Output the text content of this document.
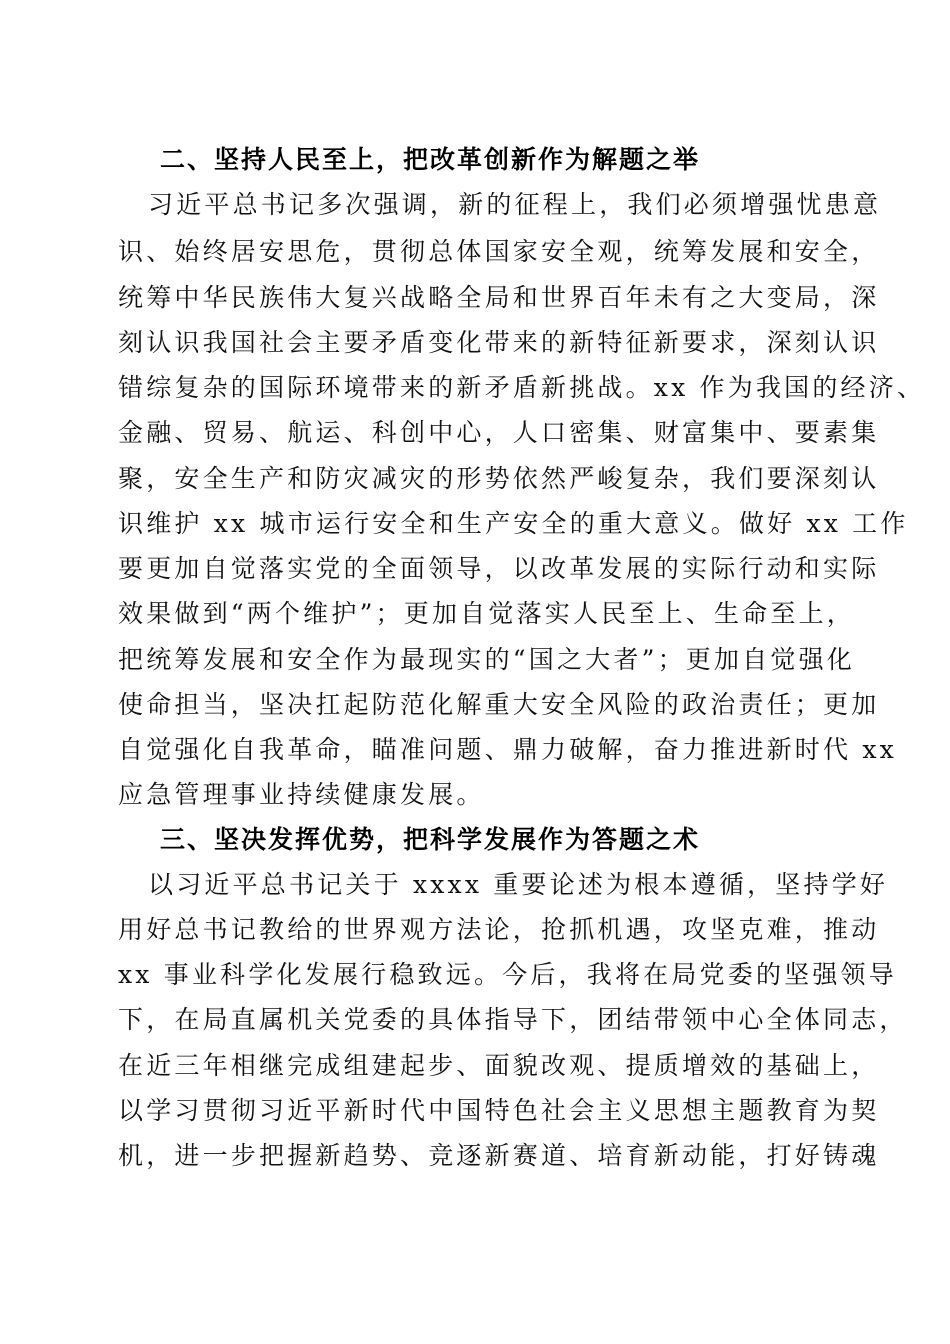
二、坚持人民至上，把改革创新作为解题之举
习近平总书记多次强调，新的征程上，我们必须增强忧患意
识、始终居安思危，贯彻总体国家安全观，统筹发展和安全，
统筹中华民族伟大复兴战略全局和世界百年未有之大变局，深
刻认识我国社会主要矛盾变化带来的新特征新要求，深刻认识
错综复杂的国际环境带来的新矛盾新挑战。xx 作为我国的经济、
金融、贸易、航运、科创中心，人口密集、财富集中、要素集
聚，安全生产和防灾减灾的形势依然严峻复杂，我们要深刻认
识维护 xx 城市运行安全和生产安全的重大意义。做好 xx 工作
要更加自觉落实党的全面领导，以改革发展的实际行动和实际
效果做到“两个维护”；更加自觉落实人民至上、生命至上，
把统筹发展和安全作为最现实的“国之大者”；更加自觉强化
使命担当，坚决扛起防范化解重大安全风险的政治责任；更加
自觉强化自我革命，瞄准问题、鼎力破解，奋力推进新时代 xx
应急管理事业持续健康发展。
三、坚决发挥优势，把科学发展作为答题之术
以习近平总书记关于 xxxx 重要论述为根本遵循，坚持学好
用好总书记教给的世界观方法论，抢抓机遇，攻坚克难，推动
xx 事业科学化发展行稳致远。今后，我将在局党委的坚强领导
下，在局直属机关党委的具体指导下，团结带领中心全体同志，
在近三年相继完成组建起步、面貌改观、提质增效的基础上，
以学习贯彻习近平新时代中国特色社会主义思想主题教育为契
机，进一步把握新趋势、竞逐新赛道、培育新动能，打好铸魂
